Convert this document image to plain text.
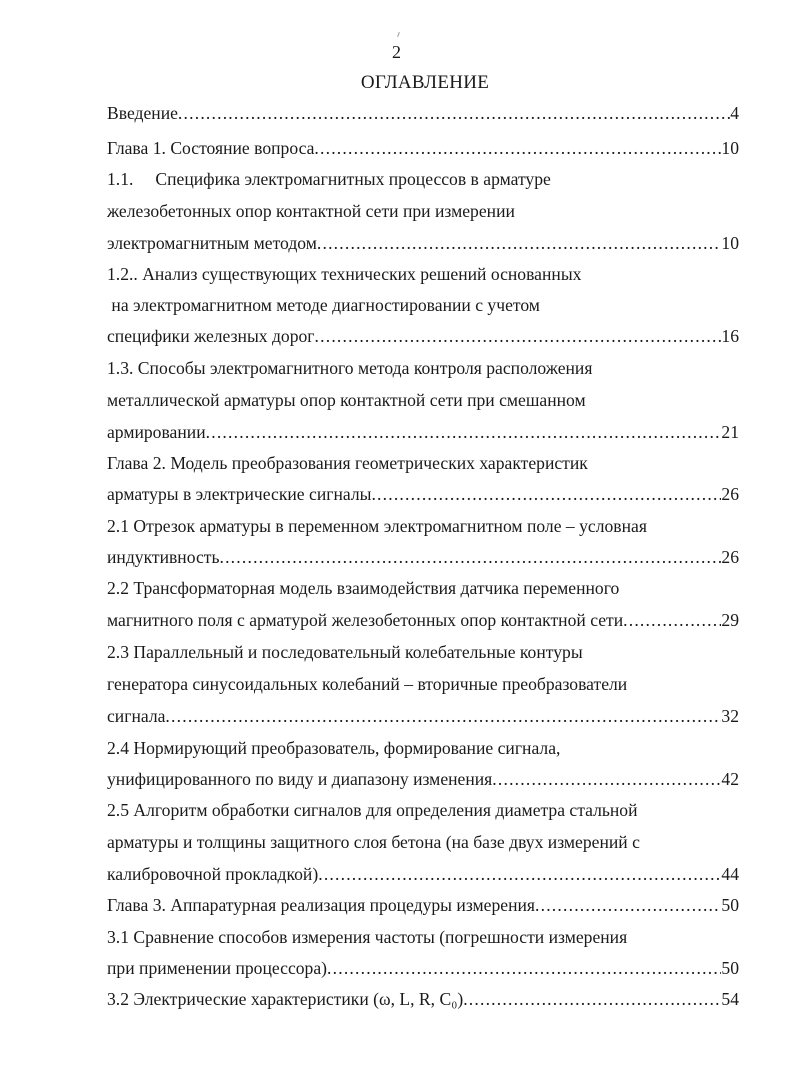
2
ОГЛАВЛЕНИЕ
Введение .....	4
Глава 1. Состояние вопроса .....	10
1.1.     Специфика электромагнитных процессов в арматуре
железобетонных опор контактной сети при измерении
электромагнитным методом .....	10
1.2.. Анализ существующих технических решений основанных
на электромагнитном методе диагностировании с учетом
специфики железных дорог .....	16
1.3. Способы электромагнитного метода контроля расположения
металлической арматуры опор контактной сети при смешанном
армировании .....	21
Глава 2. Модель преобразования геометрических характеристик
арматуры в электрические сигналы .....	26
2.1 Отрезок арматуры в переменном электромагнитном поле – условная
индуктивность .....	26
2.2 Трансформаторная модель взаимодействия датчика переменного
магнитного поля с арматурой железобетонных опор контактной сети .....	29
2.3 Параллельный и последовательный колебательные контуры
генератора синусоидальных колебаний – вторичные преобразователи
сигнала .....	32
2.4 Нормирующий преобразователь, формирование сигнала,
унифицированного по виду и диапазону изменения .....	42
2.5 Алгоритм обработки сигналов для определения диаметра стальной
арматуры и толщины защитного слоя бетона (на базе двух измерений с
калибровочной прокладкой) .....	44
Глава 3. Аппаратурная реализация процедуры измерения .....	50
3.1 Сравнение способов измерения частоты (погрешности измерения
при применении процессора) .....	50
3.2 Электрические характеристики (ω, L, R, C₀) .....	54
